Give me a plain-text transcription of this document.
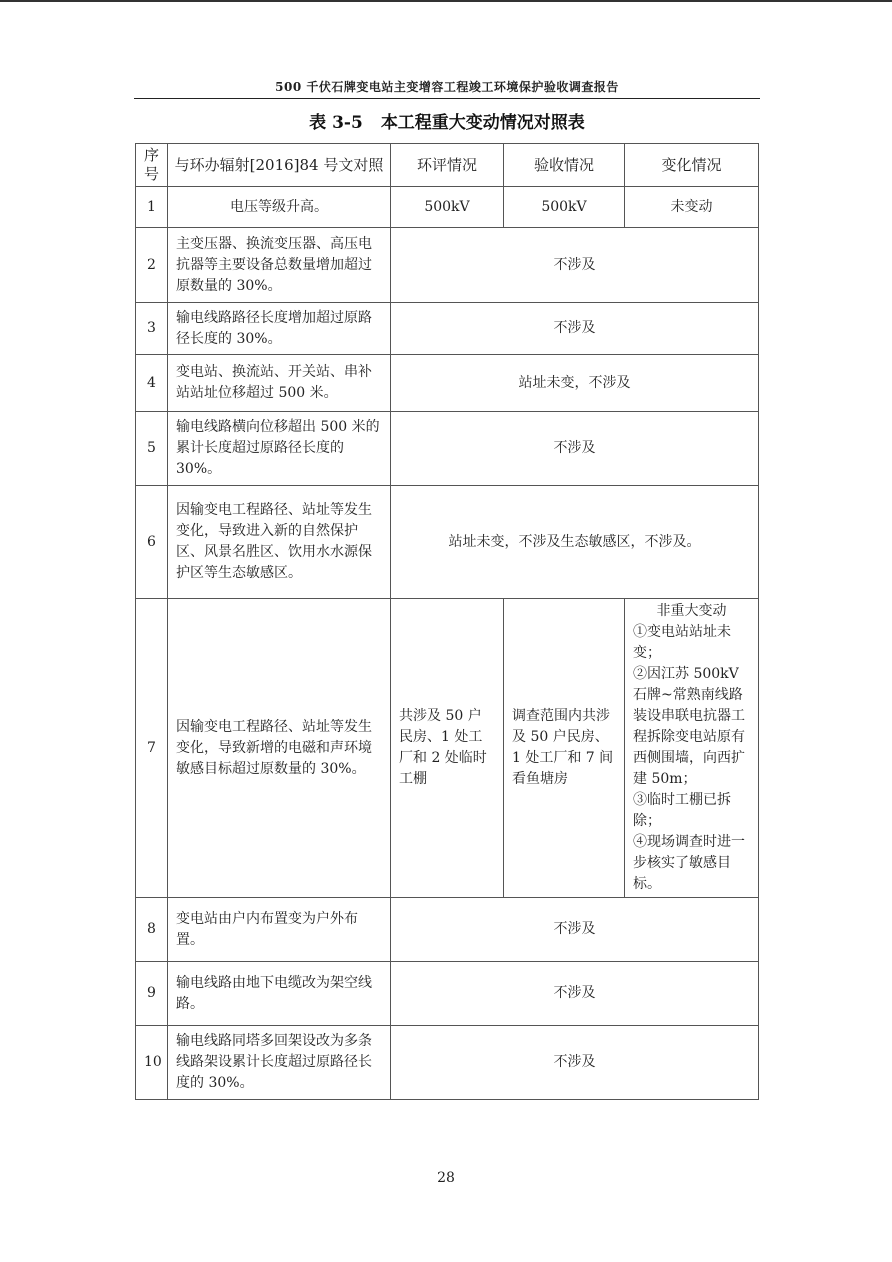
500 千伏石牌变电站主变增容工程竣工环境保护验收调查报告
表 3-5 本工程重大变动情况对照表
序号	与环办辐射[2016]84 号文对照	环评情况	验收情况	变化情况
1	电压等级升高。	500kV	500kV	未变动
2	主变压器、换流变压器、高压电抗器等主要设备总数量增加超过原数量的 30%。	不涉及		
3	输电线路路径长度增加超过原路径长度的 30%。	不涉及		
4	变电站、换流站、开关站、串补站站址位移超过 500 米。	站址未变，不涉及		
5	输电线路横向位移超出 500 米的累计长度超过原路径长度的 30%。	不涉及		
6	因输变电工程路径、站址等发生变化，导致进入新的自然保护区、风景名胜区、饮用水水源保护区等生态敏感区。	站址未变，不涉及生态敏感区，不涉及。		
7	因输变电工程路径、站址等发生变化，导致新增的电磁和声环境敏感目标超过原数量的 30%。	共涉及 50 户民房、1 处工厂和 2 处临时工棚	调查范围内共涉及 50 户民房、1 处工厂和 7 间看鱼塘房	非重大变动
①变电站站址未变；
②因江苏 500kV 石牌~常熟南线路装设串联电抗器工程拆除变电站原有西侧围墙，向西扩建 50m；
③临时工棚已拆除；
④现场调查时进一步核实了敏感目标。

8	变电站由户内布置变为户外布置。	不涉及		
9	输电线路由地下电缆改为架空线路。	不涉及		
10	输电线路同塔多回架设改为多条线路架设累计长度超过原路径长度的 30%。	不涉及		
28
